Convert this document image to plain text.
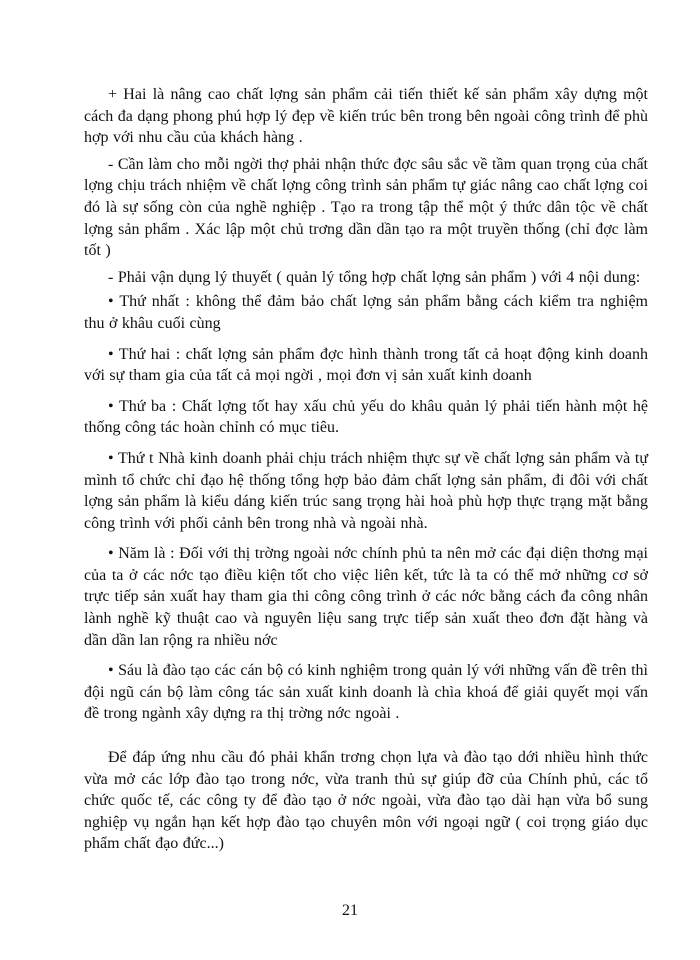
+ Hai là nâng cao chất lợng sản phẩm cải tiến thiết kế sản phẩm xây dựng một cách đa dạng phong phú hợp lý đẹp về kiến trúc bên trong bên ngoài công trình để phù hợp với nhu cầu của khách hàng .

- Cần làm cho mỗi ngời thợ phải nhận thức đợc sâu sắc về tầm quan trọng của chất lợng chịu trách nhiệm về chất lợng công trình sản phẩm tự giác nâng cao chất lợng coi đó là sự sống còn của nghề nghiệp . Tạo ra trong tập thể một ý thức dân tộc về chất lợng sản phẩm . Xác lập một chủ trơng dần dần tạo ra một truyền thống (chỉ đợc làm tốt )

- Phải vận dụng lý thuyết ( quản lý tổng hợp chất lợng sản phẩm ) với 4 nội dung:

• Thứ nhất : không thể đảm bảo chất lợng sản phẩm bằng cách kiểm tra nghiệm thu ở khâu cuối cùng

• Thứ hai : chất lợng sản phẩm đợc hình thành trong tất cả hoạt động kinh doanh với sự tham gia của tất cả mọi ngời , mọi đơn vị sản xuất kinh doanh

• Thứ ba : Chất lợng tốt hay xấu chủ yếu do khâu quản lý phải tiến hành một hệ thống công tác hoàn chỉnh có mục tiêu.

• Thứ t Nhà kinh doanh phải chịu trách nhiệm thực sự về chất lợng sản phẩm và tự mình tổ chức chỉ đạo hệ thống tổng hợp bảo đảm chất lợng sản phẩm, đi đôi với chất lợng sản phẩm là kiểu dáng kiến trúc sang trọng hài hoà phù hợp thực trạng mặt bằng công trình với phối cảnh bên trong nhà và ngoài nhà.

• Năm là : Đối với thị trờng ngoài nớc chính phủ ta nên mở các đại diện thơng mại của ta ở các nớc tạo điều kiện tốt cho việc liên kết, tức là ta có thể mở những cơ sở trực tiếp sản xuất hay tham gia thi công công trình ở các nớc bằng cách đa công nhân lành nghề kỹ thuật cao và nguyên liệu sang trực tiếp sản xuất theo đơn đặt hàng và dần dần lan rộng ra nhiều nớc

• Sáu là đào tạo các cán bộ có kinh nghiệm trong quản lý với những vấn đề trên thì đội ngũ cán bộ làm công tác sản xuất kinh doanh là chìa khoá để giải quyết mọi vấn đề trong ngành xây dựng ra thị trờng nớc ngoài .

Để đáp ứng nhu cầu đó phải khẩn trơng chọn lựa và đào tạo dới nhiều hình thức vừa mở các lớp đào tạo trong nớc, vừa tranh thủ sự giúp đỡ của Chính phủ, các tổ chức quốc tế, các công ty để đào tạo ở nớc ngoài, vừa đào tạo dài hạn vừa bổ sung nghiệp vụ ngắn hạn kết hợp đào tạo chuyên môn với ngoại ngữ ( coi trọng giáo dục phẩm chất đạo đức...)

21
